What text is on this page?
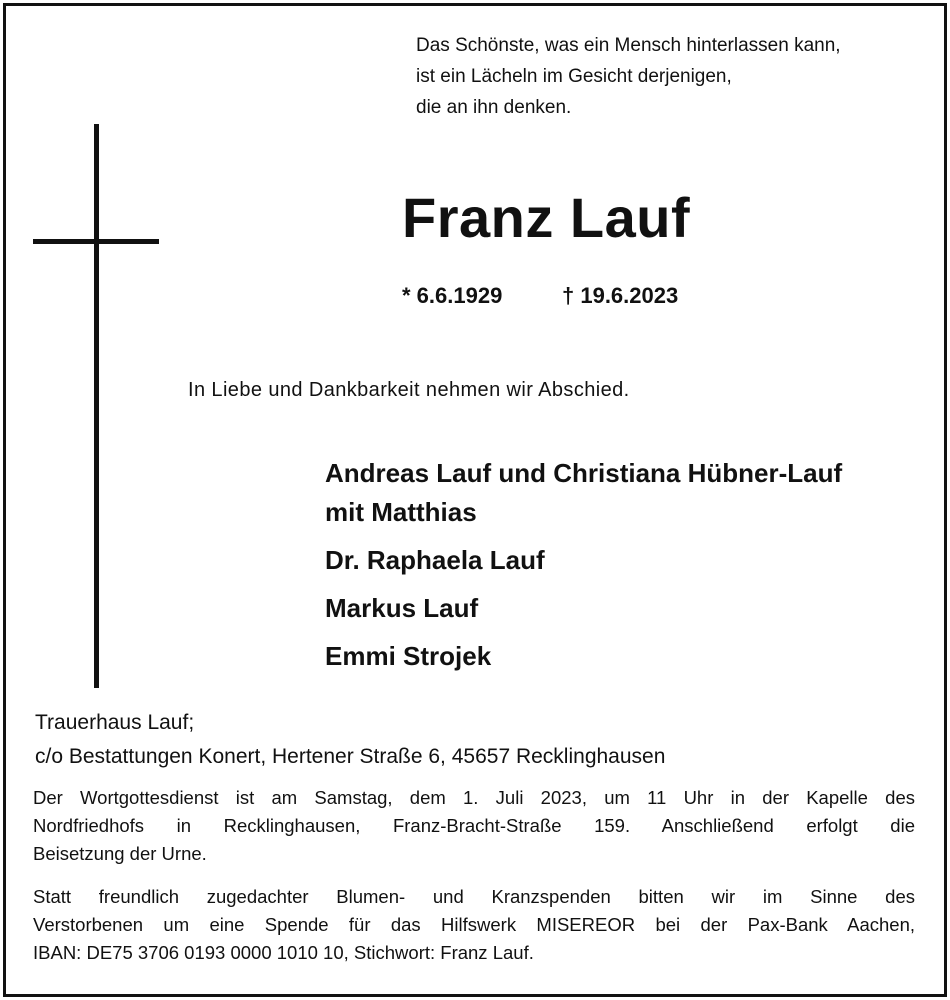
Das Schönste, was ein Mensch hinterlassen kann,
ist ein Lächeln im Gesicht derjenigen,
die an ihn denken.
Franz Lauf
* 6.6.1929	† 19.6.2023
In Liebe und Dankbarkeit nehmen wir Abschied.
Andreas Lauf und Christiana Hübner-Lauf
mit Matthias
Dr. Raphaela Lauf
Markus Lauf
Emmi Strojek
Trauerhaus Lauf;
c/o Bestattungen Konert, Hertener Straße 6, 45657 Recklinghausen
Der Wortgottesdienst ist am Samstag, dem 1. Juli 2023, um 11 Uhr in der Kapelle des
Nordfriedhofs in Recklinghausen, Franz-Bracht-Straße 159. Anschließend erfolgt die
Beisetzung der Urne.
Statt freundlich zugedachter Blumen- und Kranzspenden bitten wir im Sinne des
Verstorbenen um eine Spende für das Hilfswerk MISEREOR bei der Pax-Bank Aachen,
IBAN: DE75 3706 0193 0000 1010 10, Stichwort: Franz Lauf.
